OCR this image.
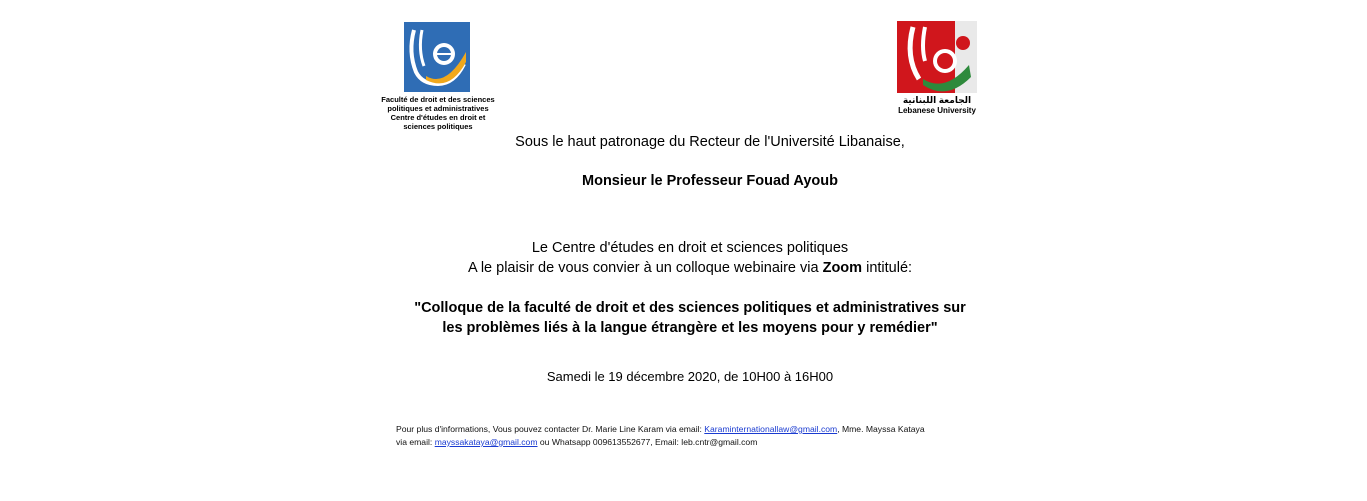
Faculté de droit et des sciences
politiques et administratives
Centre d'études en droit et
sciences politiques
الجامعة اللبنانية
Lebanese University
Sous le haut patronage du Recteur de l'Université Libanaise,
Monsieur le Professeur Fouad Ayoub
Le Centre d'études en droit et sciences politiques
A le plaisir de vous convier à un colloque webinaire via Zoom intitulé:
"Colloque de la faculté de droit et des sciences politiques et administratives sur
les problèmes liés à la langue étrangère et les moyens pour y remédier"
Samedi le 19 décembre 2020, de 10H00 à 16H00
Pour plus d'informations, Vous pouvez contacter Dr. Marie Line Karam via email: Karaminternationallaw@gmail.com, Mme. Mayssa Kataya
via email: mayssakataya@gmail.com ou Whatsapp 009613552677, Email: leb.cntr@gmail.com
